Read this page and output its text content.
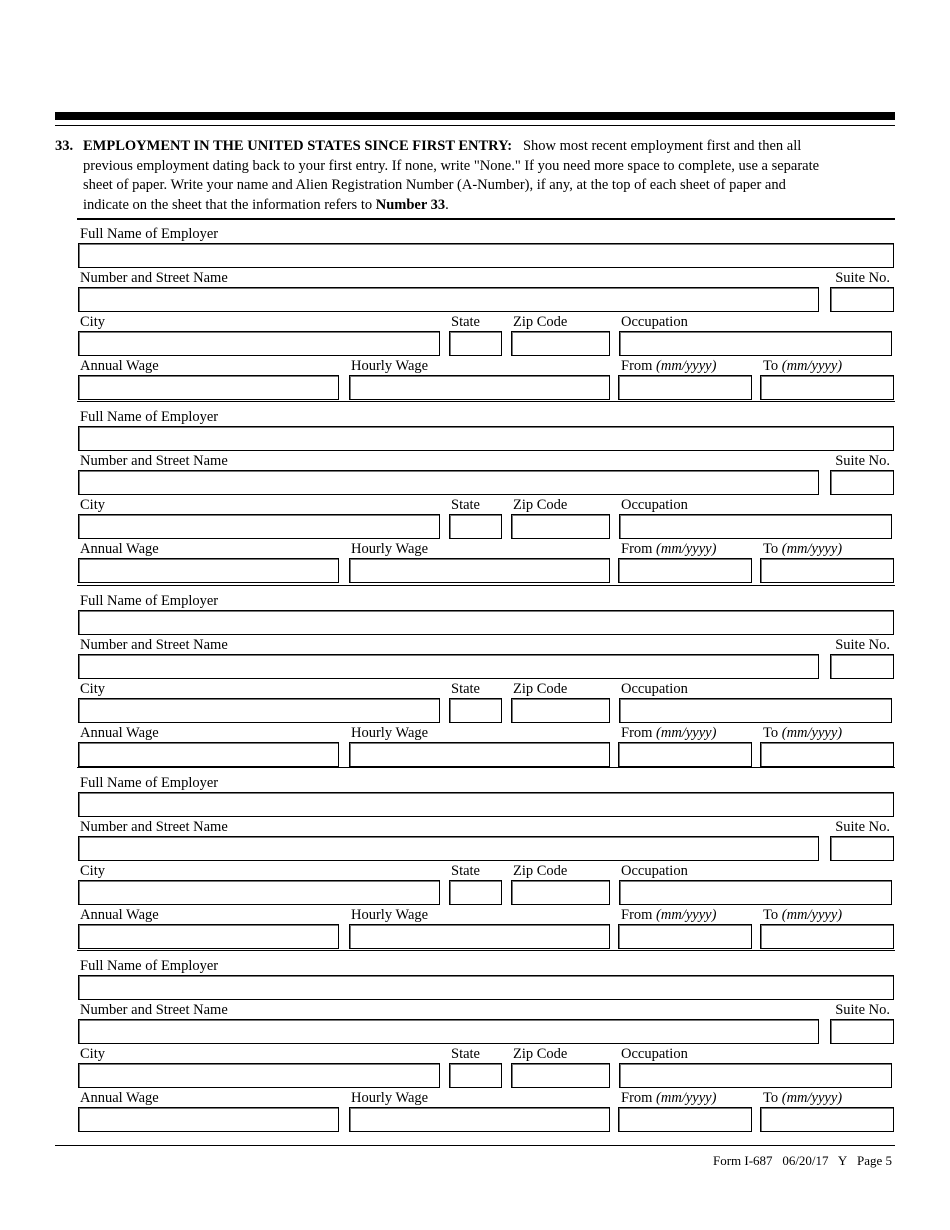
33. EMPLOYMENT IN THE UNITED STATES SINCE FIRST ENTRY: Show most recent employment first and then all
previous employment dating back to your first entry. If none, write "None." If you need more space to complete, use a separate
sheet of paper. Write your name and Alien Registration Number (A-Number), if any, at the top of each sheet of paper and
indicate on the sheet that the information refers to Number 33.
Full Name of Employer
Number and Street Name	Suite No.
City	State Zip Code	Occupation
Annual Wage	Hourly Wage	From (mm/yyyy)	To (mm/yyyy)
Full Name of Employer
Number and Street Name	Suite No.
City	State Zip Code	Occupation
Annual Wage	Hourly Wage	From (mm/yyyy)	To (mm/yyyy)
Full Name of Employer
Number and Street Name	Suite No.
City	State Zip Code	Occupation
Annual Wage	Hourly Wage	From (mm/yyyy)	To (mm/yyyy)
Full Name of Employer
Number and Street Name	Suite No.
City	State Zip Code	Occupation
Annual Wage	Hourly Wage	From (mm/yyyy)	To (mm/yyyy)
Full Name of Employer
Number and Street Name	Suite No.
City	State Zip Code	Occupation
Annual Wage	Hourly Wage	From (mm/yyyy)	To (mm/yyyy)
Form I-687 06/20/17 Y Page 5
